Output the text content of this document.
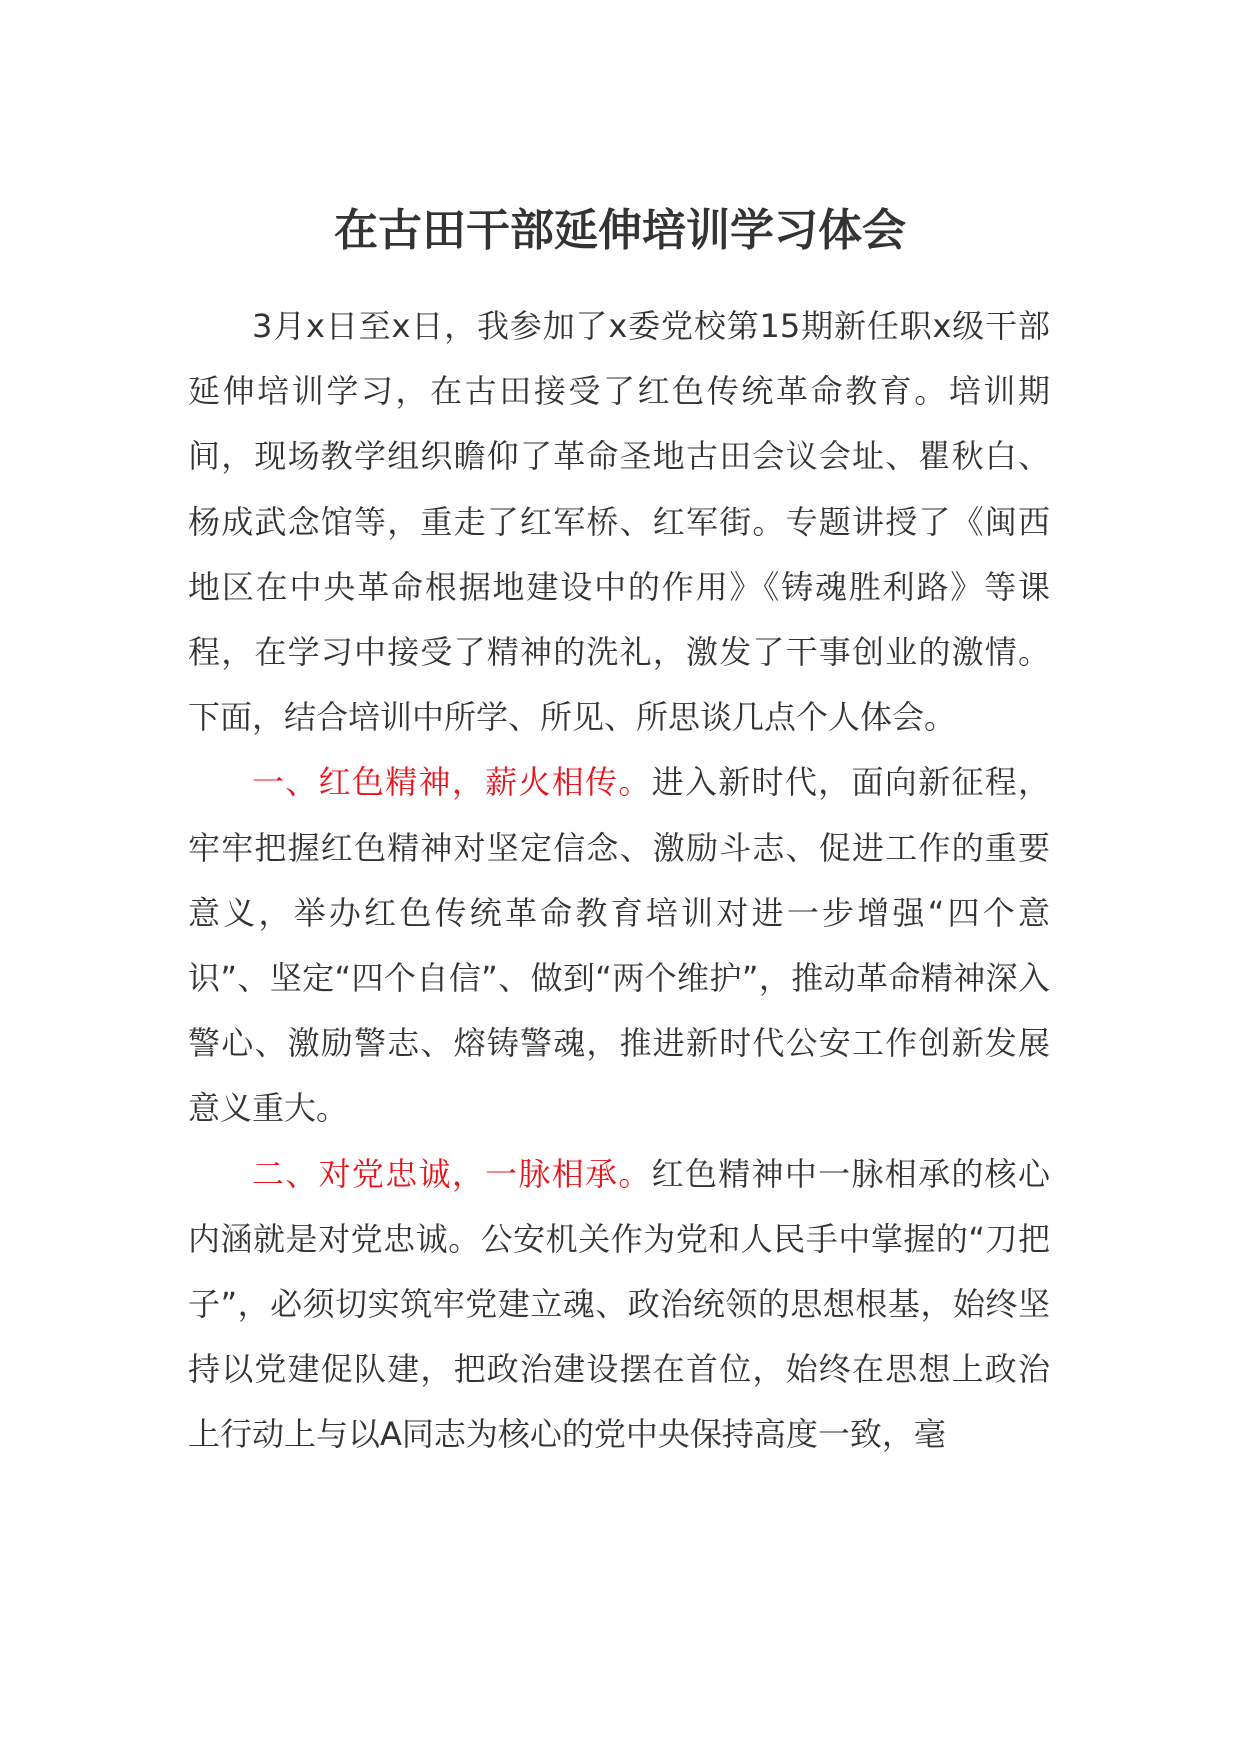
在古田干部延伸培训学习体会

3月x日至x日，我参加了x委党校第15期新任职x级干部延伸培训学习，在古田接受了红色传统革命教育。培训期间，现场教学组织瞻仰了革命圣地古田会议会址、瞿秋白、杨成武念馆等，重走了红军桥、红军街。专题讲授了《闽西地区在中央革命根据地建设中的作用》《铸魂胜利路》等课程，在学习中接受了精神的洗礼，激发了干事创业的激情。下面，结合培训中所学、所见、所思谈几点个人体会。

一、红色精神，薪火相传。进入新时代，面向新征程，牢牢把握红色精神对坚定信念、激励斗志、促进工作的重要意义，举办红色传统革命教育培训对进一步增强“四个意识”、坚定“四个自信”、做到“两个维护”，推动革命精神深入警心、激励警志、熔铸警魂，推进新时代公安工作创新发展意义重大。

二、对党忠诚，一脉相承。红色精神中一脉相承的核心内涵就是对党忠诚。公安机关作为党和人民手中掌握的“刀把子”，必须切实筑牢党建立魂、政治统领的思想根基，始终坚持以党建促队建，把政治建设摆在首位，始终在思想上政治上行动上与以A同志为核心的党中央保持高度一致，毫
